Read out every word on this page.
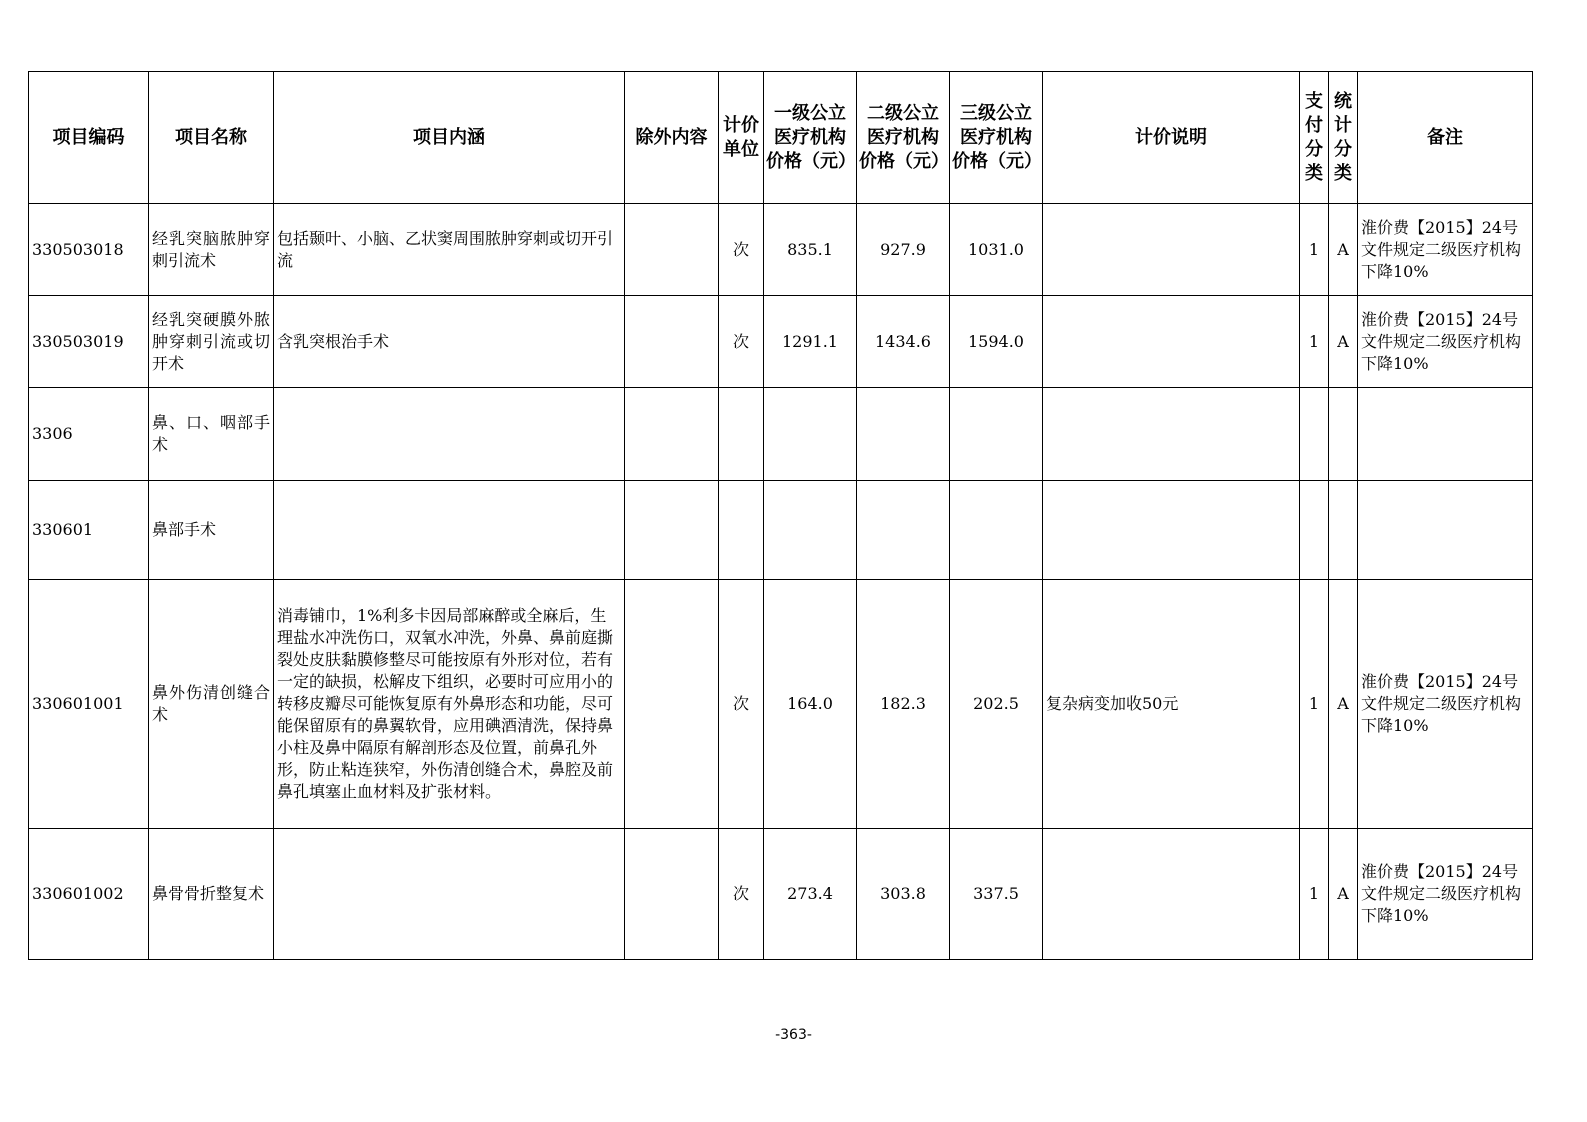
项目编码	项目名称	项目内涵	除外内容	计价单位	一级公立医疗机构价格（元）	二级公立医疗机构价格（元）	三级公立医疗机构价格（元）	计价说明	支付分类	统计分类	备注
330503018	经乳突脑脓肿穿刺引流术	包括颞叶、小脑、乙状窦周围脓肿穿刺或切开引流		次	835.1	927.9	1031.0		1	A	淮价费【2015】24号文件规定二级医疗机构下降10%
330503019	经乳突硬膜外脓肿穿刺引流或切开术	含乳突根治手术		次	1291.1	1434.6	1594.0		1	A	淮价费【2015】24号文件规定二级医疗机构下降10%
3306	鼻、口、咽部手术										
330601	鼻部手术										
330601001	鼻外伤清创缝合术	消毒铺巾，1%利多卡因局部麻醉或全麻后，生理盐水冲洗伤口，双氧水冲洗，外鼻、鼻前庭撕裂处皮肤黏膜修整尽可能按原有外形对位，若有一定的缺损，松解皮下组织，必要时可应用小的转移皮瓣尽可能恢复原有外鼻形态和功能，尽可能保留原有的鼻翼软骨，应用碘酒清洗，保持鼻小柱及鼻中隔原有解剖形态及位置，前鼻孔外形，防止粘连狭窄，外伤清创缝合术，鼻腔及前鼻孔填塞止血材料及扩张材料。		次	164.0	182.3	202.5	复杂病变加收50元	1	A	淮价费【2015】24号文件规定二级医疗机构下降10%
330601002	鼻骨骨折整复术			次	273.4	303.8	337.5		1	A	淮价费【2015】24号文件规定二级医疗机构下降10%
-363-
